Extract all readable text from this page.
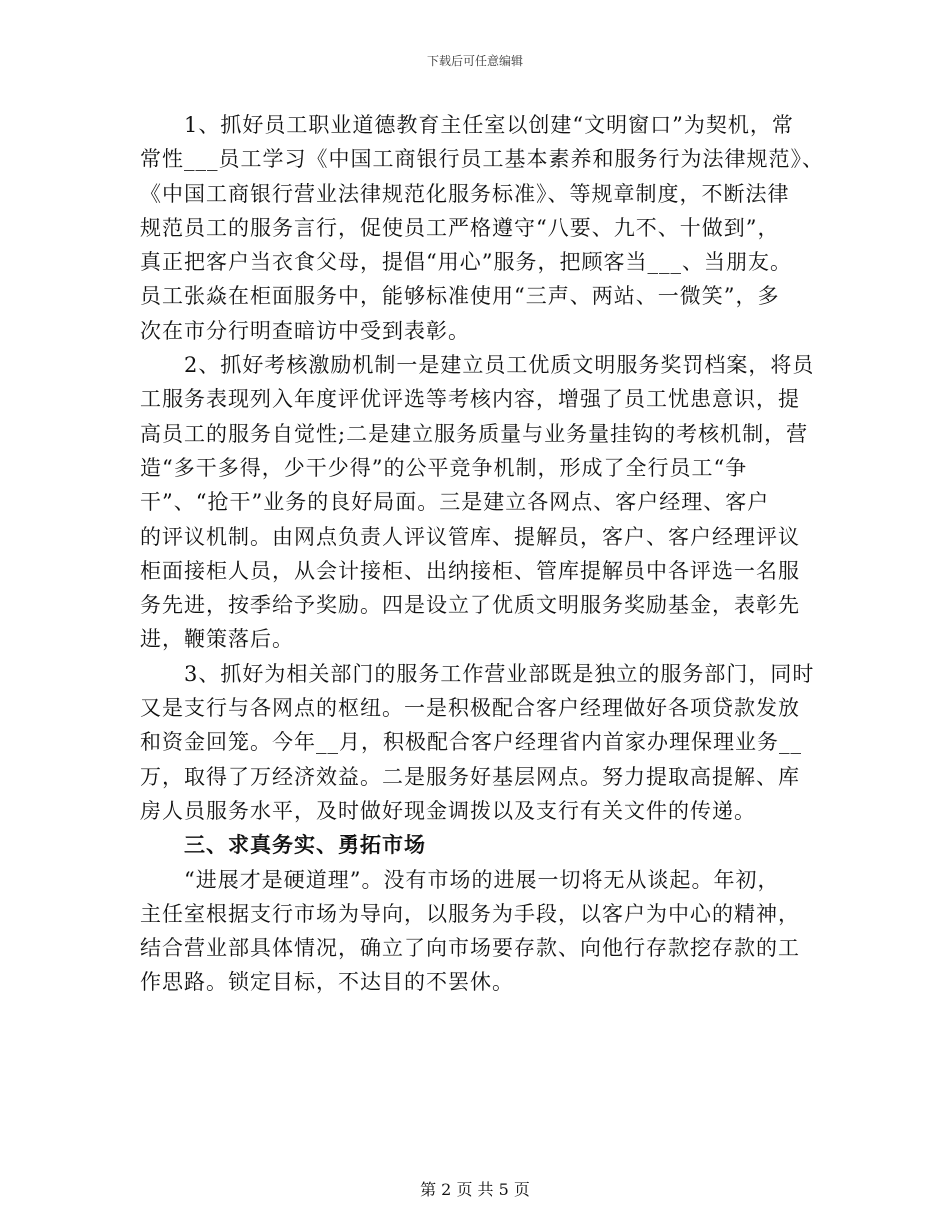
下载后可任意编辑
1、抓好员工职业道德教育主任室以创建“文明窗口”为契机，常
常性___员工学习《中国工商银行员工基本素养和服务行为法律规范》、
《中国工商银行营业法律规范化服务标准》、等规章制度，不断法律
规范员工的服务言行，促使员工严格遵守“八要、九不、十做到”，
真正把客户当衣食父母，提倡“用心”服务，把顾客当___、当朋友。
员工张焱在柜面服务中，能够标准使用“三声、两站、一微笑”，多
次在市分行明查暗访中受到表彰。
2、抓好考核激励机制一是建立员工优质文明服务奖罚档案，将员
工服务表现列入年度评优评选等考核内容，增强了员工忧患意识，提
高员工的服务自觉性;二是建立服务质量与业务量挂钩的考核机制，营
造“多干多得，少干少得”的公平竞争机制，形成了全行员工“争
干”、“抢干”业务的良好局面。三是建立各网点、客户经理、客户
的评议机制。由网点负责人评议管库、提解员，客户、客户经理评议
柜面接柜人员，从会计接柜、出纳接柜、管库提解员中各评选一名服
务先进，按季给予奖励。四是设立了优质文明服务奖励基金，表彰先
进，鞭策落后。
3、抓好为相关部门的服务工作营业部既是独立的服务部门，同时
又是支行与各网点的枢纽。一是积极配合客户经理做好各项贷款发放
和资金回笼。今年__月，积极配合客户经理省内首家办理保理业务__
万，取得了万经济效益。二是服务好基层网点。努力提取高提解、库
房人员服务水平，及时做好现金调拨以及支行有关文件的传递。
三、求真务实、勇拓市场
“进展才是硬道理”。没有市场的进展一切将无从谈起。年初，
主任室根据支行市场为导向，以服务为手段，以客户为中心的精神，
结合营业部具体情况，确立了向市场要存款、向他行存款挖存款的工
作思路。锁定目标，不达目的不罢休。
第 2 页 共 5 页
